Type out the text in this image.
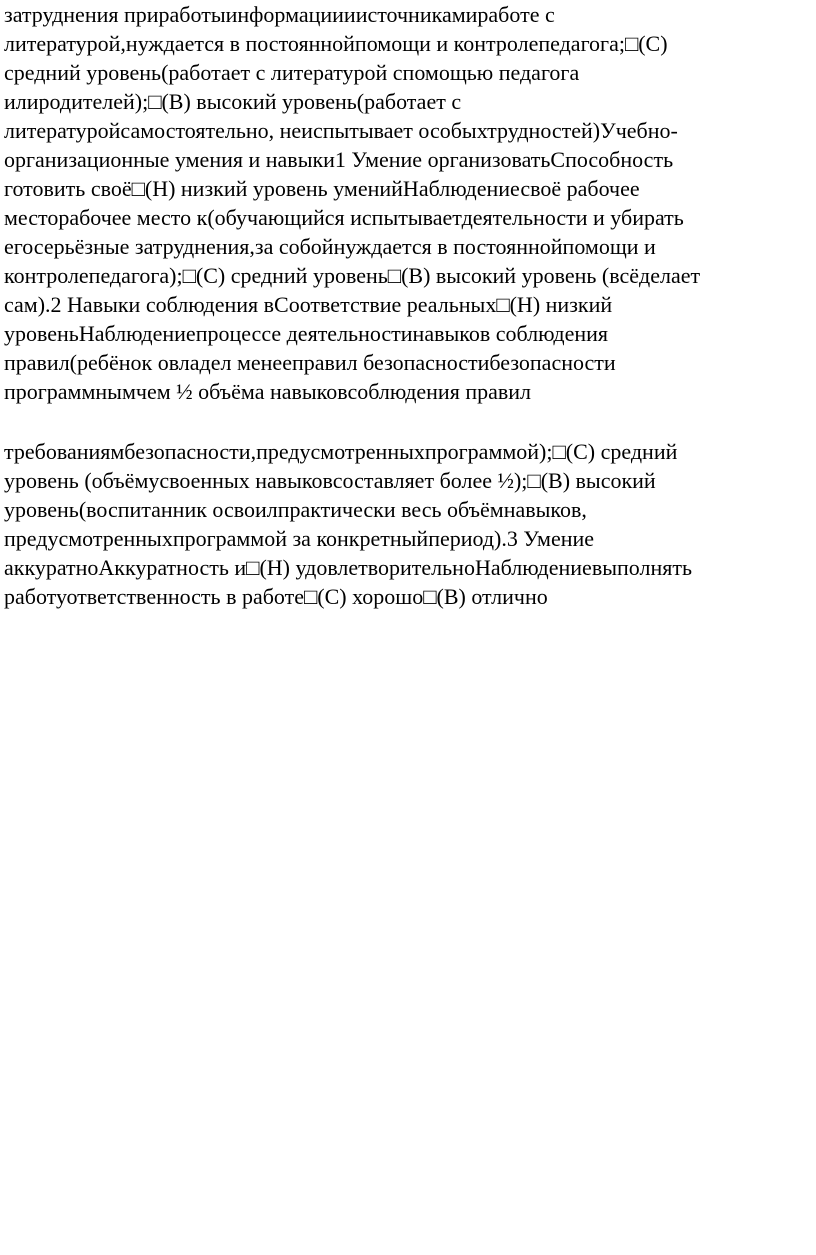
затруднения приработыинформациииисточникамиработе с
литературой,нуждается в постояннойпомощи и контролепедагога;□(С)
средний уровень(работает с литературой спомощью педагога
илиродителей);□(В) высокий уровень(работает с
литературойсамостоятельно, неиспытывает особыхтрудностей)Учебно-
организационные умения и навыки1 Умение организоватьСпособность
готовить своё□(Н) низкий уровень уменийНаблюдениесвоё рабочее
месторабочее место к(обучающийся испытываетдеятельности и убирать
егосерьёзные затруднения,за собойнуждается в постояннойпомощи и
контролепедагога);□(С) средний уровень□(В) высокий уровень (всёделает
сам).2 Навыки соблюдения вСоответствие реальных□(Н) низкий
уровеньНаблюдениепроцессе деятельностинавыков соблюдения
правил(ребёнок овладел менееправил безопасностибезопасности
программнымчем ½ объёма навыковсоблюдения правил

требованиямбезопасности,предусмотренныхпрограммой);□(С) средний
уровень (объёмусвоенных навыковсоставляет более ½);□(В) высокий
уровень(воспитанник освоилпрактически весь объёмнавыков,
предусмотренныхпрограммой за конкретныйпериод).3 Умение
аккуратноАккуратность и□(Н) удовлетворительноНаблюдениевыполнять
работуответственность в работе□(С) хорошо□(В) отлично
